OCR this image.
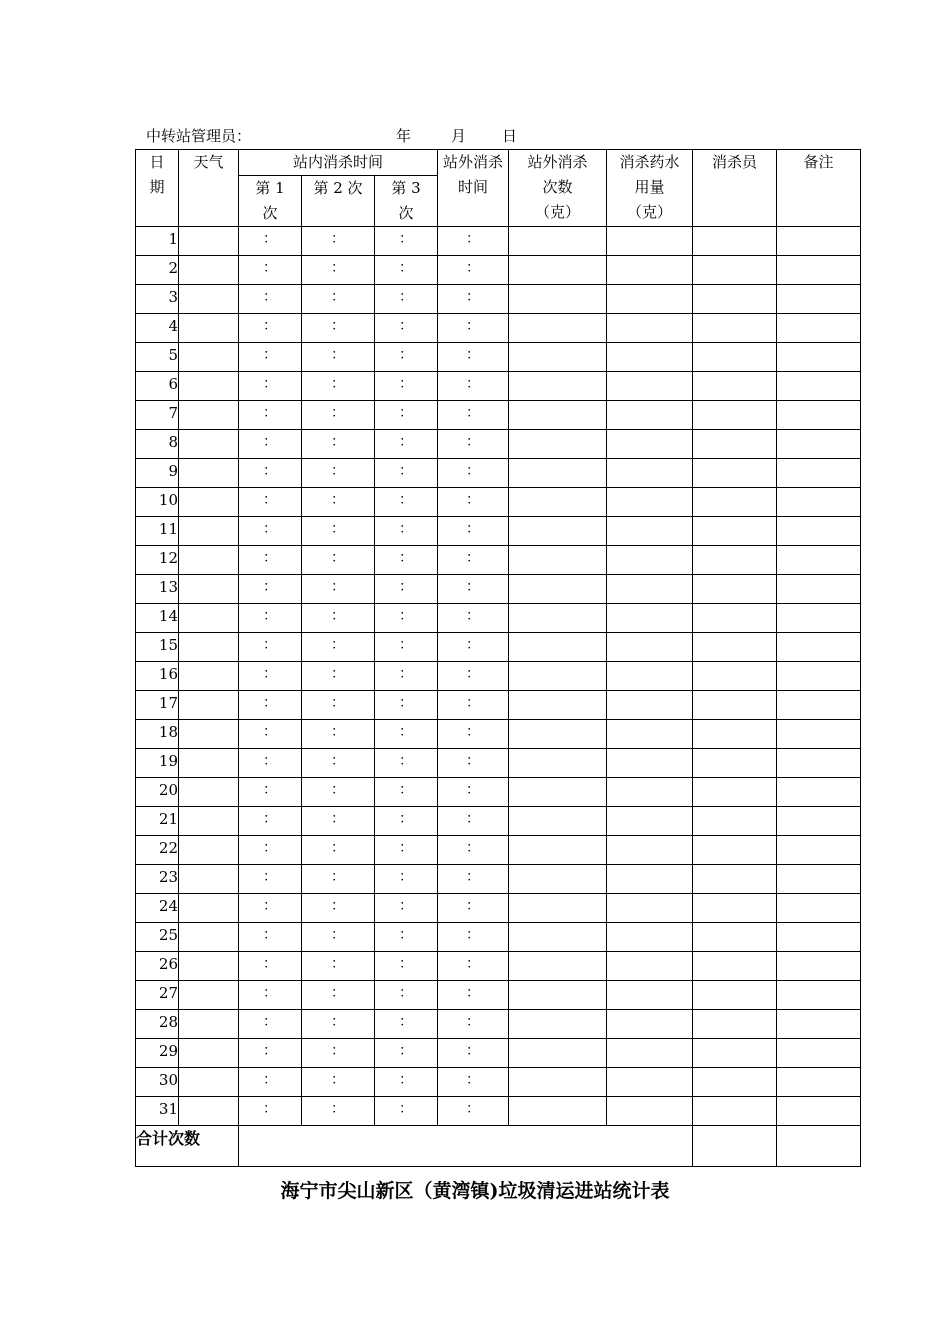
中转站管理员：	年	月 日
日期	天气	站内消杀时间			站外消杀时间	站外消杀次数（克）	消杀药水用量（克）	消杀员	备注

		第 1 次	第 2 次	第 3 次					

1		：	：	：	：				
2		：	：	：	：				
3		：	：	：	：				
4		：	：	：	：				
5		：	：	：	：				
6		：	：	：	：				
7		：	：	：	：				
8		：	：	：	：				
9		：	：	：	：				
10		：	：	：	：				
11		：	：	：	：				
12		：	：	：	：				
13		：	：	：	：				
14		：	：	：	：				
15		：	：	：	：				
16		：	：	：	：				
17		：	：	：	：				
18		：	：	：	：				
19		：	：	：	：				
20		：	：	：	：				
21		：	：	：	：				
22		：	：	：	：				
23		：	：	：	：				
24		：	：	：	：				
25		：	：	：	：				
26		：	：	：	：				
27		：	：	：	：				
28		：	：	：	：				
29		：	：	：	：				
30		：	：	：	：				
31		：	：	：	：				
合计次数									
海宁市尖山新区（黄湾镇)垃圾清运进站统计表
